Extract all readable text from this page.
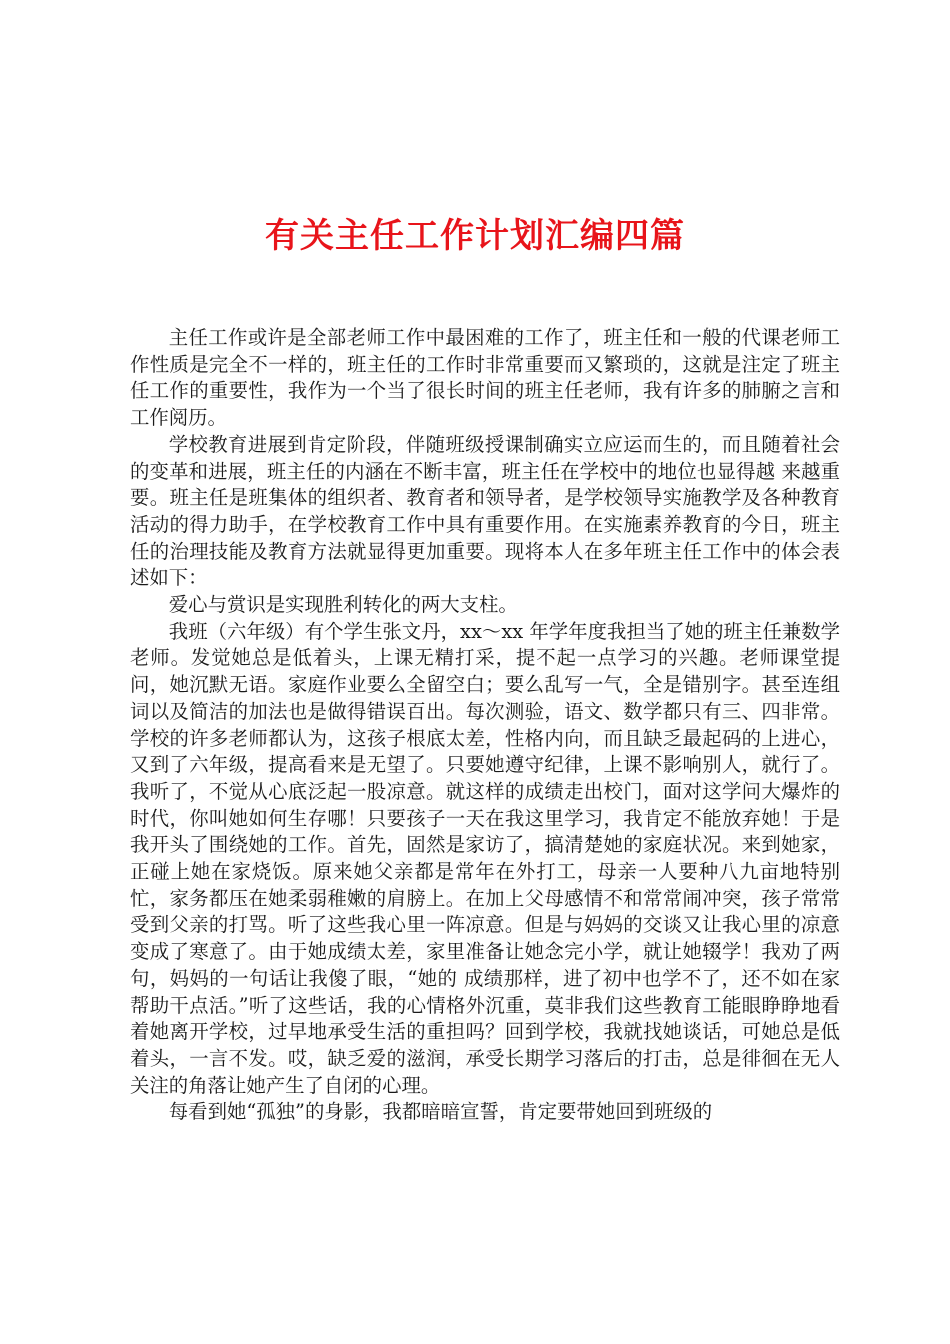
有关主任工作计划汇编四篇

主任工作或许是全部老师工作中最困难的工作了，班主任和一般的代课老师工作性质是完全不一样的，班主任的工作时非常重要而又繁琐的，这就是注定了班主任工作的重要性，我作为一个当了很长时间的班主任老师，我有许多的肺腑之言和工作阅历。

学校教育进展到肯定阶段，伴随班级授课制确实立应运而生的，而且随着社会的变革和进展，班主任的内涵在不断丰富，班主任在学校中的地位也显得越 来越重要。班主任是班集体的组织者、教育者和领导者，是学校领导实施教学及各种教育活动的得力助手，在学校教育工作中具有重要作用。在实施素养教育的今日，班主任的治理技能及教育方法就显得更加重要。现将本人在多年班主任工作中的体会表述如下：

爱心与赏识是实现胜利转化的两大支柱。

我班（六年级）有个学生张文丹，xx～xx 年学年度我担当了她的班主任兼数学老师。发觉她总是低着头，上课无精打采，提不起一点学习的兴趣。老师课堂提问，她沉默无语。家庭作业要么全留空白；要么乱写一气，全是错别字。甚至连组词以及简洁的加法也是做得错误百出。每次测验，语文、数学都只有三、四非常。学校的许多老师都认为，这孩子根底太差，性格内向，而且缺乏最起码的上进心，又到了六年级，提高看来是无望了。只要她遵守纪律，上课不影响别人，就行了。我听了，不觉从心底泛起一股凉意。就这样的成绩走出校门，面对这学问大爆炸的时代，你叫她如何生存哪！只要孩子一天在我这里学习，我肯定不能放弃她！于是我开头了围绕她的工作。首先，固然是家访了，搞清楚她的家庭状况。来到她家，正碰上她在家烧饭。原来她父亲都是常年在外打工，母亲一人要种八九亩地特别忙，家务都压在她柔弱稚嫩的肩膀上。在加上父母感情不和常常闹冲突，孩子常常受到父亲的打骂。听了这些我心里一阵凉意。但是与妈妈的交谈又让我心里的凉意变成了寒意了。由于她成绩太差，家里准备让她念完小学，就让她辍学！我劝了两句，妈妈的一句话让我傻了眼，“她的 成绩那样，进了初中也学不了，还不如在家帮助干点活。”听了这些话，我的心情格外沉重，莫非我们这些教育工能眼睁睁地看着她离开学校，过早地承受生活的重担吗？回到学校，我就找她谈话，可她总是低着头，一言不发。哎，缺乏爱的滋润，承受长期学习落后的打击，总是徘徊在无人关注的角落让她产生了自闭的心理。

每看到她“孤独”的身影，我都暗暗宣誓，肯定要带她回到班级的
